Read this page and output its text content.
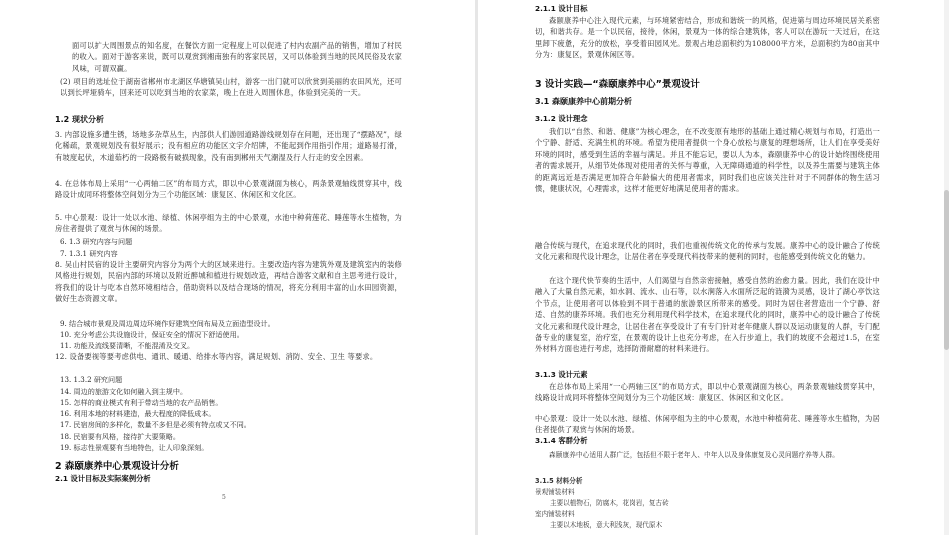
面可以扩大周围景点的知名度，在餐饮方面一定程度上可以促进了村内农副产品的销售，增加了村民的收入。面对于游客来说，既可以观赏到湘南独有的客家民居，又可以体验到当地的民风民俗及农家风味，可谓双赢。
(2) 项目的选址位于湖南省郴州市北湖区华塘镇吴山村，游客一出门就可以欣赏到美丽的农田风光，还可以到长坪垭骑车，回来还可以吃到当地的农家菜，晚上在进入周围休息，体验到完美的一天。
1.2 现状分析
3. 内部设施多遭生锈，场地多杂草丛生，内部供人们游园道路游线规划存在问题，还出现了“摆路况”，绿化稀疏，景观规划没有很好展示；没有相应的功能区文字介绍牌，不能起到作用指引作用；道路易打滑，有坡度起伏，木道茹朽的一段路极有破损现象，没有南到郴州天气潮湿及行人行走的安全因素。
4. 在总体布局上采用“一心两轴二区”的布局方式，即以中心景观湖面为核心，两条景观轴线贯穿其中，线路设计成同环将整体空间划分为三个功能区域：康复区、休闲区和文化区。
5. 中心景观：设计一处以水池、绿植、休闲亭组为主的中心景观，水池中种荷莲花、睡莲等水生植物，为房住者提供了观赏与休闲的场景。
6. 1.3 研究内容与问题
7. 1.3.1 研究内容
8. 吴山村民宿的设计主要研究内容分为两个大的区域来进行。主要改造内容为建筑外观及建筑室内的装修风格进行规划，民宿内部的环境以及附近醉城和植进行规划改造，再结合游客文献和自主思考进行设计，将我们的设计与吃本自然环境相结合，借助资料以及结合现场的情况，将充分利用丰富的山水田园资源，做好生态资源文章。
9. 结合城市景观及周边周边环境作好建筑空间布局及立面造型设计。
10. 充分考虑公共设施设计，保证安全的情况下舒适使用。
11. 功能及流线要清晰，不能混淆及交叉。
12. 设备要视等要考虑供电、通讯、暖通、给排水等内容，满足规划、消防、安全、卫生 等要求。
13. 1.3.2 研究问题
14. 周边的旅游文化如何融入到主规中。
15. 怎样的商业模式有利于带动当地的农产品销售。
16. 利用本地的材料建造，最大程度的降低成本。
17. 民宿房间的多样化，数量不多但是必须有特点或又不同。
18. 民宿要有风格，接待扩大要策略。
19. 标志性景观要有当地特色，让人印象深刻。
2 森颐康养中心景观设计分析
2.1 设计目标及实际案例分析
5
2.1.1 设计目标
森颐康养中心注入现代元素，与环境紧密结合，形成和谐统一的风格，促进第与周边环境民居关系密切，和谐共存。是一个以民宿，接待，休闲，景观为一体的综合建筑体，客人可以在游玩一天过后，在这里卸下疲惫，充分的放松，享受着田园风光。景观占地总面积约为108000平方米，总面积约为80亩其中分为：康复区，景观休闲区等。
3 设计实践—“森颐康养中心”景观设计
3.1 森颐康养中心前期分析
3.1.2 设计理念
我们以“自然、和谐、健康”为核心理念，在不改变原有地形的基础上通过精心规划与布局，打造出一个宁静、舒适、充满生机的环境。希望为使用者提供一个身心放松与康复的理想场所，让人们在享受美好环境的同时，感受到生活的幸福与满足。并且不能忘记，要以人为本，森颐康养中心的设计始终围绕使用者的需求展开，从细节处体现对使用者的关怀与尊重，入无障碍通道的科学性，以及养生需要与建筑主体的距离远近是否满足更加符合年龄偏大的使用者需求，同时我们也应该关注针对于不同群体的物生活习惯，健康状况，心理需求，这样才能更好地满足使用者的需求。
融合传统与现代，在追求现代化的同时，我们也重视传统文化的传承与发展。康养中心的设计融合了传统文化元素和现代设计理念，让居住者在享受现代科技带来的便利的同时，也能感受到传统文化的魅力。
在这个现代快节奏的生活中，人们渴望与自然亲密接触，感受自然的治愈力量。因此，我们在设计中融入了大量自然元素，如水洞、流水、山石等，以水涧落入水面所泛起的涟漪为灵感，设计了湖心亭饮这个节点，让使用者可以体验到不同于普通的旅游景区所带来的感受。同时为居住者营造出一个宁静、舒适、自然的康养环境。我们也充分利用现代科学技术，在追求现代化的同时，康养中心的设计融合了传统文化元素和现代设计理念，让居住者在享受设计了有专门针对老年健康人群以及运动康复的人群，专门配备专业的康复室，治疗室，在景观的设计上也充分考虑，在入行步道上，我们的坡度不会超过1.5，在室外材料方面也进行考虑，选择防滑耐磨的材料来进行。
3.1.3 设计元素
在总体布局上采用“一心两轴三区”的布局方式，即以中心景观湖面为核心，两条景观轴线贯穿其中，线路设计成同环将整体空间划分为三个功能区域：康复区、休闲区和文化区。
中心景观：设计一处以水池、绿植、休闲亭组为主的中心景观，水池中种植荷花、睡莲等水生植物，为居住者提供了观赏与休闲的场景。
3.1.4 客群分析
森颐康养中心适用人群广泛，包括但不限于老年人、中年人以及身体康复及心灵问题疗养等人群。
3.1.5 材料分析
景观铺装材料
主要以植物石，防腐木，花岗岩，复古砖
室内铺装材料
主要以木地板，意大利浅灰，现代原木
